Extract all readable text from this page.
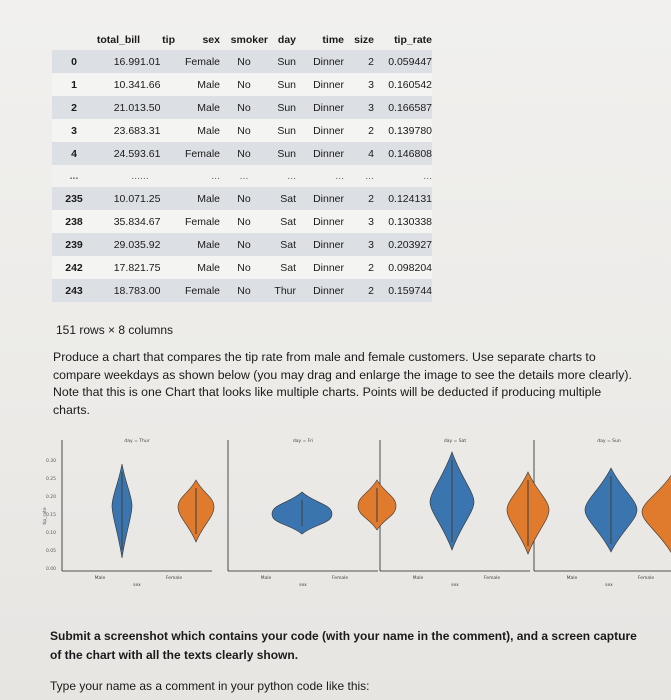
	total_bill	tip	sex	smoker	day	time	size	tip_rate
0	16.99	1.01	Female	No	Sun	Dinner	2	0.059447
1	10.34	1.66	Male	No	Sun	Dinner	3	0.160542
2	21.01	3.50	Male	No	Sun	Dinner	3	0.166587
3	23.68	3.31	Male	No	Sun	Dinner	2	0.139780
4	24.59	3.61	Female	No	Sun	Dinner	4	0.146808
...	...	...	...	...	...	...	...	...
235	10.07	1.25	Male	No	Sat	Dinner	2	0.124131
238	35.83	4.67	Female	No	Sat	Dinner	3	0.130338
239	29.03	5.92	Male	No	Sat	Dinner	3	0.203927
242	17.82	1.75	Male	No	Sat	Dinner	2	0.098204
243	18.78	3.00	Female	No	Thur	Dinner	2	0.159744
151 rows × 8 columns
Produce a chart that compares the tip rate from male and female customers. Use separate charts to compare weekdays as shown below (you may drag and enlarge the image to see the details more clearly). Note that this is one Chart that looks like multiple charts. Points will be deducted if producing multiple charts.
0.30
0.25
0.20
0.15
0.10
0.05
0.00
tip_rate
day = Thur
Male	Female
sex
day = Fri
Male	Female
sex
day = Sat
Male	Female
sex
day = Sun
Male	Female
sex
Submit a screenshot which contains your code (with your name in the comment), and a screen capture of the chart with all the texts clearly shown.
Type your name as a comment in your python code like this:
